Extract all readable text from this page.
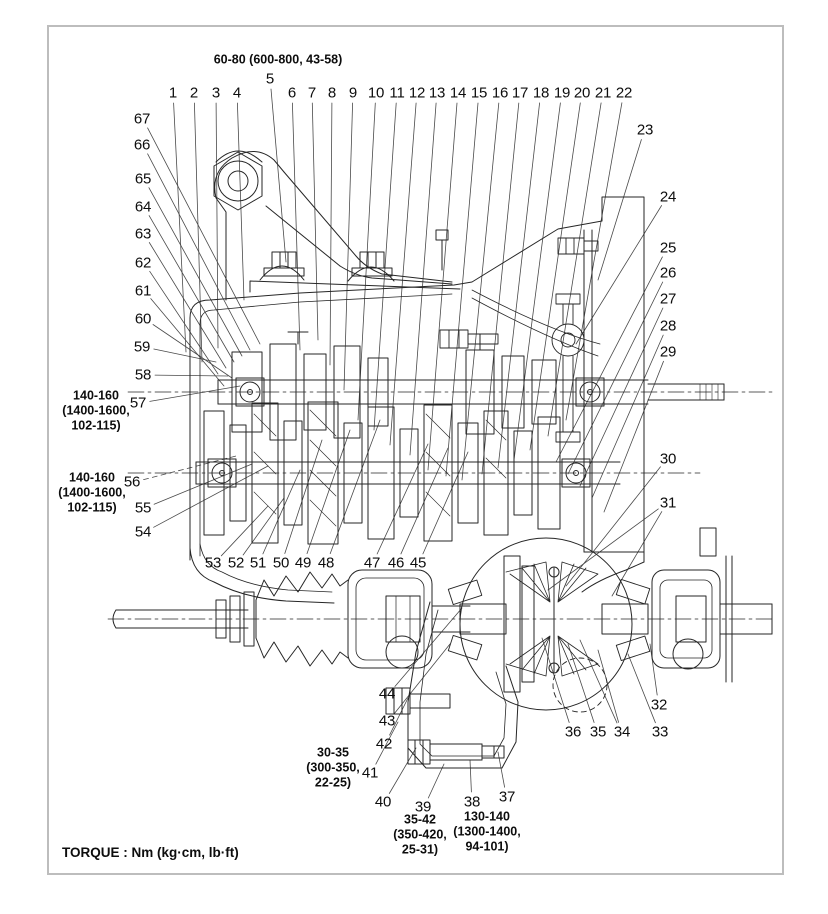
1 2 3 4
5
6 7 8 9 10 11 12 13 14 15 16 17 18 19 20 21 22
23
24
25
26
27
28
29
30
31
32
33
34
35
36
37
38
39
40
41
42
43
44
45
46
47
48
49
50
51
52
53
54
55
56
57
58
59
60
61
62
63
64
65
66
67
60-80 (600-800, 43-58)
140-160
(1400-1600,
102-115)
140-160
(1400-1600,
102-115)
30-35
(300-350,
22-25)
35-42
(350-420,
25-31)
130-140
(1300-1400,
94-101)
TORQUE : Nm (kg·cm, lb·ft)
